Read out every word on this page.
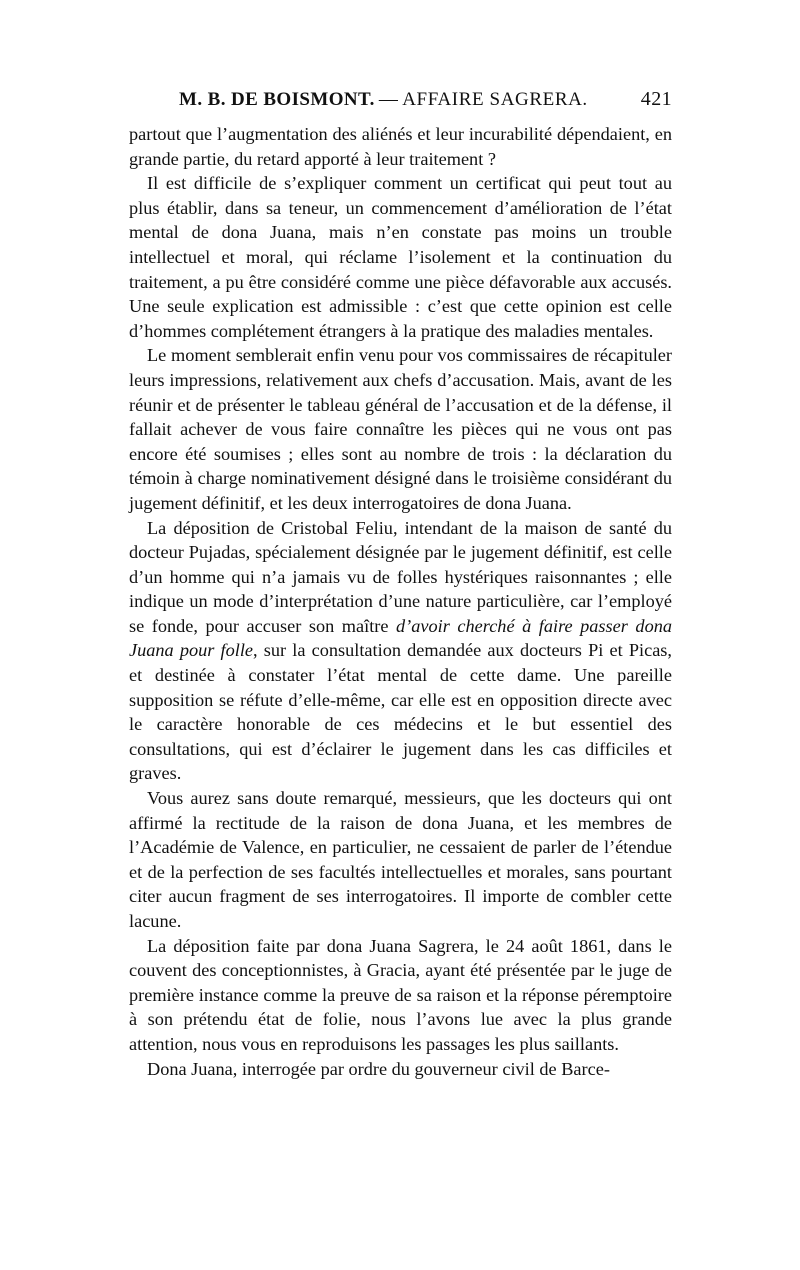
M. B. DE BOISMONT. — AFFAIRE SAGRERA.	421

partout que l’augmentation des aliénés et leur incurabilité dépendaient, en grande partie, du retard apporté à leur traitement ?

Il est difficile de s’expliquer comment un certificat qui peut tout au plus établir, dans sa teneur, un commencement d’amélioration de l’état mental de dona Juana, mais n’en constate pas moins un trouble intellectuel et moral, qui réclame l’isolement et la continuation du traitement, a pu être considéré comme une pièce défavorable aux accusés. Une seule explication est admissible : c’est que cette opinion est celle d’hommes complétement étrangers à la pratique des maladies mentales.

Le moment semblerait enfin venu pour vos commissaires de récapituler leurs impressions, relativement aux chefs d’accusation. Mais, avant de les réunir et de présenter le tableau général de l’accusation et de la défense, il fallait achever de vous faire connaître les pièces qui ne vous ont pas encore été soumises ; elles sont au nombre de trois : la déclaration du témoin à charge nominativement désigné dans le troisième considérant du jugement définitif, et les deux interrogatoires de dona Juana.

La déposition de Cristobal Feliu, intendant de la maison de santé du docteur Pujadas, spécialement désignée par le jugement définitif, est celle d’un homme qui n’a jamais vu de folles hystériques raisonnantes ; elle indique un mode d’interprétation d’une nature particulière, car l’employé se fonde, pour accuser son maître d’avoir cherché à faire passer dona Juana pour folle, sur la consultation demandée aux docteurs Pi et Picas, et destinée à constater l’état mental de cette dame. Une pareille supposition se réfute d’elle-même, car elle est en opposition directe avec le caractère honorable de ces médecins et le but essentiel des consultations, qui est d’éclairer le jugement dans les cas difficiles et graves.

Vous aurez sans doute remarqué, messieurs, que les docteurs qui ont affirmé la rectitude de la raison de dona Juana, et les membres de l’Académie de Valence, en particulier, ne cessaient de parler de l’étendue et de la perfection de ses facultés intellectuelles et morales, sans pourtant citer aucun fragment de ses interrogatoires. Il importe de combler cette lacune.

La déposition faite par dona Juana Sagrera, le 24 août 1861, dans le couvent des conceptionnistes, à Gracia, ayant été présentée par le juge de première instance comme la preuve de sa raison et la réponse péremptoire à son prétendu état de folie, nous l’avons lue avec la plus grande attention, nous vous en reproduisons les passages les plus saillants.

Dona Juana, interrogée par ordre du gouverneur civil de Barce-
